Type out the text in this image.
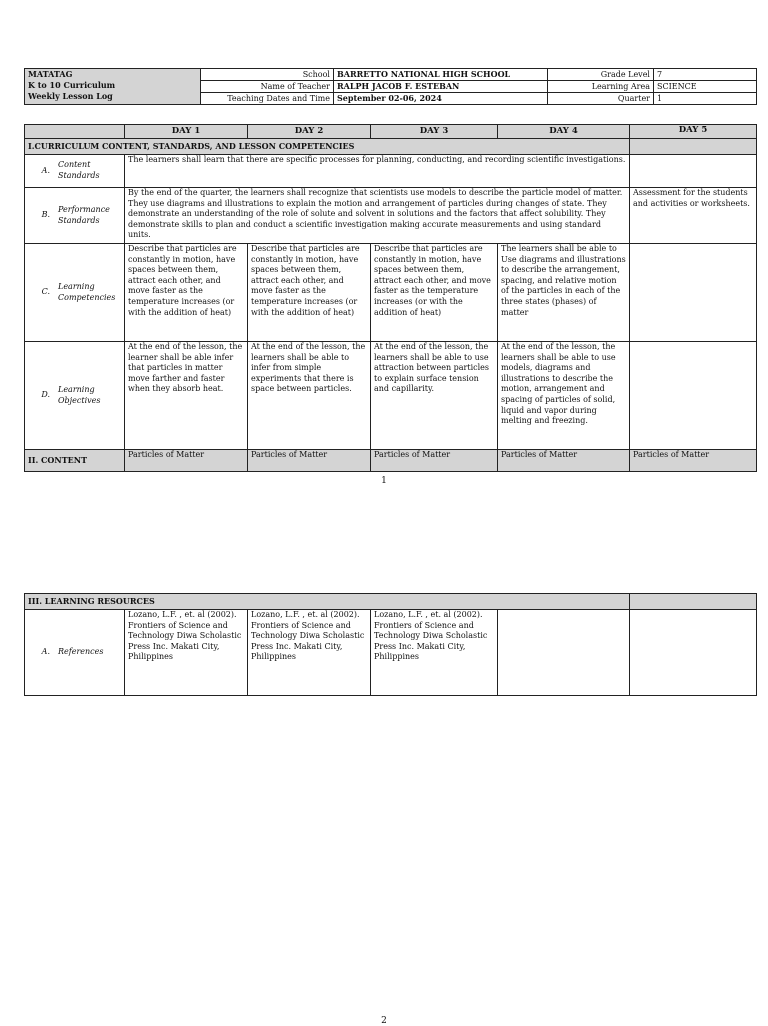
MATATAG
K to 10 Curriculum
Weekly Lesson Log	School	BARRETTO NATIONAL HIGH SCHOOL	Grade Level	7
	Name of Teacher	RALPH JACOB F. ESTEBAN	Learning Area	SCIENCE
	Teaching Dates and Time	September 02-06, 2024	Quarter	1
	DAY 1	DAY 2	DAY 3	DAY 4	DAY 5
I.CURRICULUM CONTENT, STANDARDS, AND LESSON COMPETENCIES					

A.
Content Standards	The learners shall learn that there are specific processes for planning, conducting, and recording scientific investigations.				

B.
Performance Standards	By the end of the quarter, the learners shall recognize that scientists use models to describe the particle model of matter. They use diagrams and illustrations to explain the motion and arrangement of particles during changes of state. They demonstrate an understanding of the role of solute and solvent in solutions and the factors that affect solubility. They demonstrate skills to plan and conduct a scientific investigation making accurate measurements and using standard units.				Assessment for the students and activities or worksheets.

C.
Learning Competencies	Describe that particles are constantly in motion, have spaces between them, attract each other, and move faster as the temperature increases (or with the addition of heat)	Describe that particles are constantly in motion, have spaces between them, attract each other, and move faster as the temperature increases (or with the addition of heat)	Describe that particles are constantly in motion, have spaces between them, attract each other, and move faster as the temperature increases (or with the addition of heat)	The learners shall be able to Use diagrams and illustrations to describe the arrangement, spacing, and relative motion of the particles in each of the three states (phases) of matter	

D.
Learning Objectives	At the end of the lesson, the learner shall be able infer that particles in matter move farther and faster when they absorb heat.	At the end of the lesson, the learners shall be able to infer from simple experiments that there is space between particles.	At the end of the lesson, the learners shall be able to use attraction between particles to explain surface tension and capillarity.	At the end of the lesson, the learners shall be able to use models, diagrams and illustrations to describe the motion, arrangement and spacing of particles of solid, liquid and vapor during melting and freezing.	
II. CONTENT	Particles of Matter	Particles of Matter	Particles of Matter	Particles of Matter	Particles of Matter
1
III. LEARNING RESOURCES					

A. References	Lozano, L.F. , et. al (2002). Frontiers of Science and Technology Diwa Scholastic Press Inc. Makati City, Philippines	Lozano, L.F. , et. al (2002). Frontiers of Science and Technology Diwa Scholastic Press Inc. Makati City, Philippines	Lozano, L.F. , et. al (2002). Frontiers of Science and Technology Diwa Scholastic Press Inc. Makati City, Philippines		
2
